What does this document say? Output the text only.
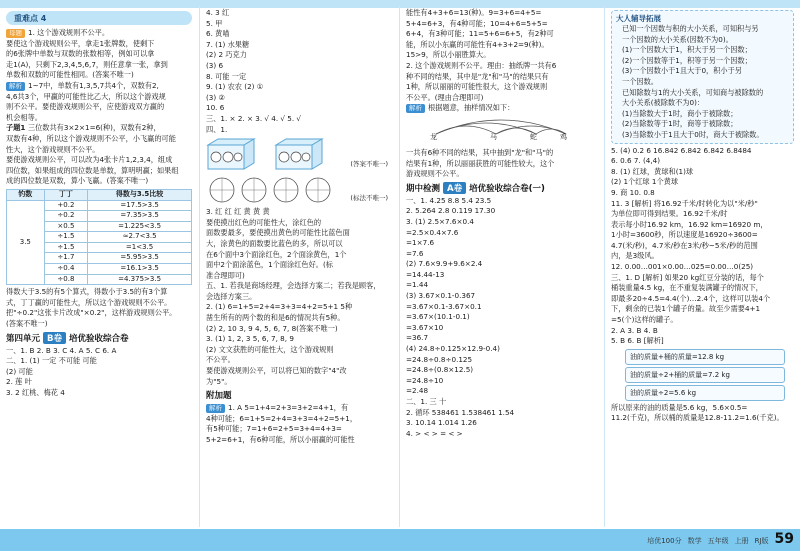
重难点 4
母题 1. 这个游戏规则不公平。
要使这个游戏规则公平，拿走1张牌数，使剩下
的6张牌中单数与双数的张数相等，例如可以拿
走1(A)，只剩下2,3,4,5,6,7，则任意拿一张，拿到
单数和双数的可能性相同。(答案不唯一)
解析 1~7中，单数有1,3,5,7共4个，双数有2,
4,6共3个，甲赢的可能性比乙大，所以这个游戏规
则不公平。要使游戏规则公平，应使游戏双方赢的
机会相等。
子题1 三位数共有3×2×1=6(种)，双数有2种，
双数有4种，所以这个游戏规则不公平，小飞赢的可能
性大，这个游戏规则不公平。
要使游戏规则公平，可以改为4张卡片1,2,3,4，组成
四位数，如果组成的四位数是单数，算明明赢；如果组
成的四位数是双数，算小飞赢。(答案不唯一)
钓数	丁丁	得数与3.5比较
3.5	+0.2	=17.5>3.5
	÷0.2	=7.35>3.5
	×0.5	=1.225<3.5
	÷1.5	≈2.7<3.5
	÷1.5	=1<3.5
	÷1.7	=5.95>3.5
	÷0.4	=16.1>3.5
	÷0.8	=4.375>3.5
得数大于3.5的有5个算式，得数小于3.5的有3个算
式，丁丁赢的可能性大，所以这个游戏规则不公平。
把"÷0.2"这张卡片改成"×0.2"，这样游戏规则公平。
(答案不唯一)
第四单元 B卷 培优验收综合卷
一、1. B 2. B 3. C 4. A 5. C 6. A
二、1. (1) 一定 不可能 可能
(2) 可能
2. 莲 叶
3. 2 红桃、梅花 4
4. 3 红
5. 甲
6. 黄喵
7. (1) 水果糖
(2) 2 巧克力
(3) 6
8. 可能 一定
9. (1) 农农 (2) ①
(3) ②
10. 6
三、1. × 2. × 3. √ 4. √ 5. √
四、1.
(答案不唯一)
(标法不唯一)
3. 红 红 红 黄 黄 黄
要使摸出红色的可能性大，涂红色的
面数要最多，要使摸出黄色的可能性比蓝色面
大，涂黄色的面数要比蓝色的多，所以可以
在6个面中3个面涂红色，2个面涂黄色，1个
面中2个面涂蓝色，1个面涂红色好。(标
准合理即可)
五、1. 若我是商场经理，会选择方案二；若我是顾客，
会选择方案三。
2. (1) 6=1+5=2+4=3+3=4+2=5+1 5种
凿生所有的两个数的和是6的情况共有5种。
(2) 2, 10 3, 9 4, 5, 6, 7, 8(答案不唯一)
3. (1) 1, 2, 3 5, 6, 7, 8, 9
(2) 文文获胜的可能性大，这个游戏规则
不公平。
要使游戏规则公平，可以将已知的数字"4"改
为"5"。
附加题
解析 1. A 5=1+4=2+3=3+2=4+1，有
4种可能；6=1+5=2+4=3+3=4+2=5+1，
有5种可能；7=1+6=2+5=3+4=4+3=
5+2=6+1，有6种可能，所以小丽赢的可能性
能性有4+3+6=13(种)。9=3+6=4+5=
5+4=6+3，有4种可能；10=4+6=5+5=
6+4，有3种可能；11=5+6=6+5，有2种可
能，所以小东赢的可能性有4+3+2=9(种)。
15>9，所以小丽胜算大。
2. 这个游戏规则不公平。理由：抽纸牌一共有6
种不同的结果，其中是"龙"和"马"的结果只有
1种，所以丽丽的可能性很大，这个游戏规则
不公平。(理由合理即可)
解析 根据题意，抽样情况如下：
龙	马	蛇	鸡
一共有6种不同的结果，其中抽到"龙"和"马"的
结果有1种，所以丽丽获胜的可能性较大，这个
游戏规则不公平。
期中检测 A卷 培优验收综合卷(一)
一、1. 4.25 8.8 5.4 23.5
2. 5.264 2.8 0.119 17.30
3. (1) 2.5×7.6×0.4
=2.5×0.4×7.6
=1×7.6
=7.6
(2) 7.6×9.9+9.6×2.4
=14.44-13
=1.44
(3) 3.67×0.1-0.367
=3.67×0.1-3.67×0.1
=3.67×(10.1-0.1)
=3.67×10
=36.7
(4) 24.8÷0.125×12.9-0.4)
=24.8÷0.8÷0.125
=24.8÷(0.8×12.5)
=24.8÷10
=2.48
二、1. 三 十
2. 循环 538461 1.538461 1.54
3. 10.14 1.014 1.26
4. > < > = < >
大人辅导拓展
已知一个因数与积的大小关系，可知积与另
一个因数的大小关系(因数不为0)。
(1)一个因数大于1，积大于另一个因数；
(2)一个因数等于1，积等于另一个因数；
(3)一个因数小于1且大于0，积小于另
一个因数。
已知除数与1的大小关系，可知商与被除数的
大小关系(被除数不为0)：
(1)当除数大于1时，商小于被除数；
(2)当除数等于1时，商等于被除数；
(3)当除数小于1且大于0时，商大于被除数。
5. (4) 0.2 6 16.842 6.842 6.842 6.8484
6. 0.6 7. (4,4)
8. (1) 红球，黄球和(1)球
(2) 1个红球 1个黄球
9. 商 10. 0.8
11. 3 [解析] 将16.92千米/时转化为以"米/秒"
为单位即可得到结果。16.92千米/时
表示每小时16.92 km，16.92 km=16920 m，
1小时=3600秒，所以速度是16920÷3600=
4.7(米/秒)，4.7米/秒在3米/秒~5米/秒的范围
内，是3级风。
12. 0.00…001×0.00…025=0.00…0(25)
三、1. D [解析] 如果20 kg红豆分装的话，每个
桶装重量4.5 kg，在不重复装满罐子的情况下，
即最多20÷4.5=4.4(个)…2.4个，这样可以装4个
下，剩余的已装1个罐子的量。故至少需要4+1
=5(个)这样的罐子。
2. A 3. B 4. B
5. B 6. B [解析]
油的质量+桶的质量=12.8 kg
油的质量÷2+桶的质量=7.2 kg
油的质量÷2=5.6 kg
所以原来的油的质量是5.6 kg，5.6×0.5=
11.2(千克)，所以桶的质量是12.8-11.2=1.6(千克)。
培优100分 数学 五年级 上册 RJ版 59
